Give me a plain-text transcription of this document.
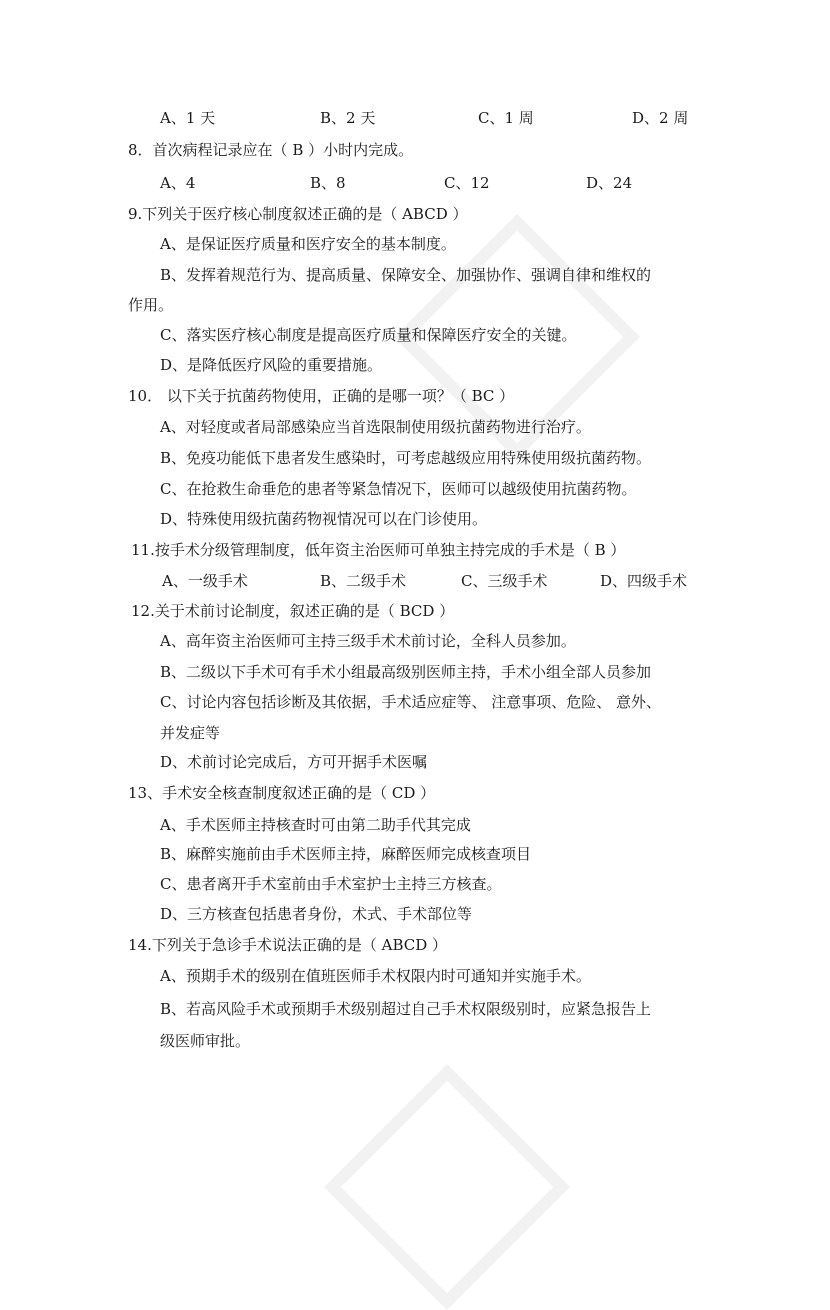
A、1 天	B、2 天	C、1 周	D、2 周
8．首次病程记录应在（ B ）小时内完成。
A、4	B、8	C、12	D、24
9.下列关于医疗核心制度叙述正确的是（ ABCD ）
A、是保证医疗质量和医疗安全的基本制度。
B、发挥着规范行为、提高质量、保障安全、加强协作、强调自律和维权的
作用。
C、落实医疗核心制度是提高医疗质量和保障医疗安全的关键。
D、是降低医疗风险的重要措施。
10． 以下关于抗菌药物使用，正确的是哪一项？（ BC ）
A、对轻度或者局部感染应当首选限制使用级抗菌药物进行治疗。
B、免疫功能低下患者发生感染时，可考虑越级应用特殊使用级抗菌药物。
C、在抢救生命垂危的患者等紧急情况下，医师可以越级使用抗菌药物。
D、特殊使用级抗菌药物视情况可以在门诊使用。
11.按手术分级管理制度，低年资主治医师可单独主持完成的手术是（ B ）
A、一级手术	B、二级手术	C、三级手术	D、四级手术
12.关于术前讨论制度，叙述正确的是（ BCD ）
A、高年资主治医师可主持三级手术术前讨论，全科人员参加。
B、二级以下手术可有手术小组最高级别医师主持，手术小组全部人员参加
C、讨论内容包括诊断及其依据，手术适应症等、 注意事项、危险、 意外、
并发症等
D、术前讨论完成后，方可开据手术医嘱
13、手术安全核查制度叙述正确的是（ CD ）
A、手术医师主持核查时可由第二助手代其完成
B、麻醉实施前由手术医师主持，麻醉医师完成核查项目
C、患者离开手术室前由手术室护士主持三方核查。
D、三方核查包括患者身份，术式、手术部位等
14.下列关于急诊手术说法正确的是（ ABCD ）
A、预期手术的级别在值班医师手术权限内时可通知并实施手术。
B、若高风险手术或预期手术级别超过自己手术权限级别时，应紧急报告上
级医师审批。
